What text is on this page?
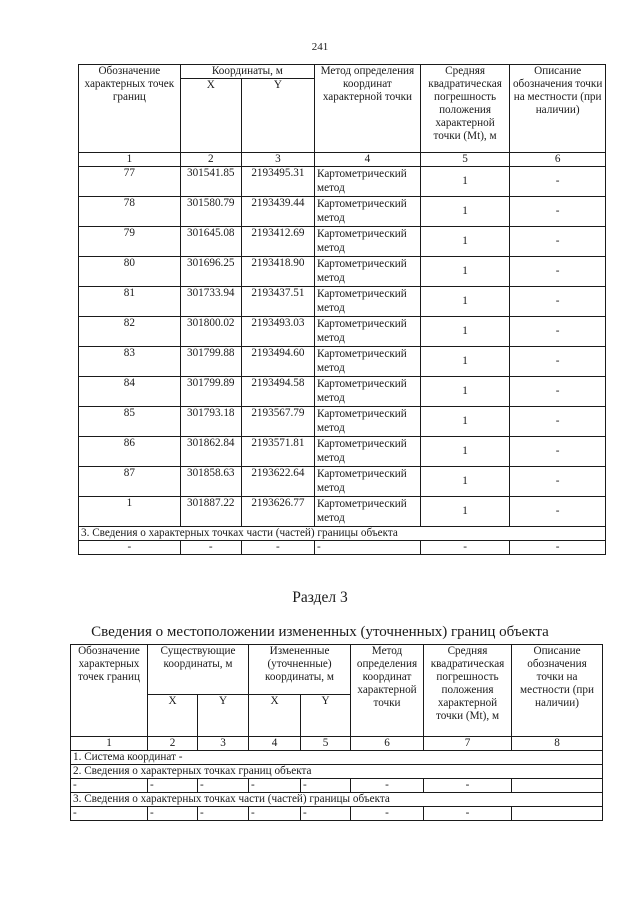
241
Обозначение характерных точек границ	Координаты, м		Метод определения координат характерной точки	Средняя квадратическая погрешность положения характерной точки (Mt), м	Описание обозначения точки на местности (при наличии)
	X	Y			
1	2	3	4	5	6
77	301541.85	2193495.31	Картометрический метод	1	-
78	301580.79	2193439.44	Картометрический метод	1	-
79	301645.08	2193412.69	Картометрический метод	1	-
80	301696.25	2193418.90	Картометрический метод	1	-
81	301733.94	2193437.51	Картометрический метод	1	-
82	301800.02	2193493.03	Картометрический метод	1	-
83	301799.88	2193494.60	Картометрический метод	1	-
84	301799.89	2193494.58	Картометрический метод	1	-
85	301793.18	2193567.79	Картометрический метод	1	-
86	301862.84	2193571.81	Картометрический метод	1	-
87	301858.63	2193622.64	Картометрический метод	1	-
1	301887.22	2193626.77	Картометрический метод	1	-
3. Сведения о характерных точках части (частей) границы объекта					
-	-	-	-	-	-
Раздел 3
Сведения о местоположении измененных (уточненных) границ объекта
Обозначение характерных точек границ	Существующие координаты, м		Измененные (уточненные) координаты, м		Метод определения координат характерной точки	Средняя квадратическая погрешность положения характерной точки (Mt), м	Описание обозначения точки на местности (при наличии)
	X	Y	X	Y			
1	2	3	4	5	6	7	8
1. Система координат -							
2. Сведения о характерных точках границ объекта							
-	-	-	-	-	-	-	
3. Сведения о характерных точках части (частей) границы объекта							
-	-	-	-	-	-	-	
